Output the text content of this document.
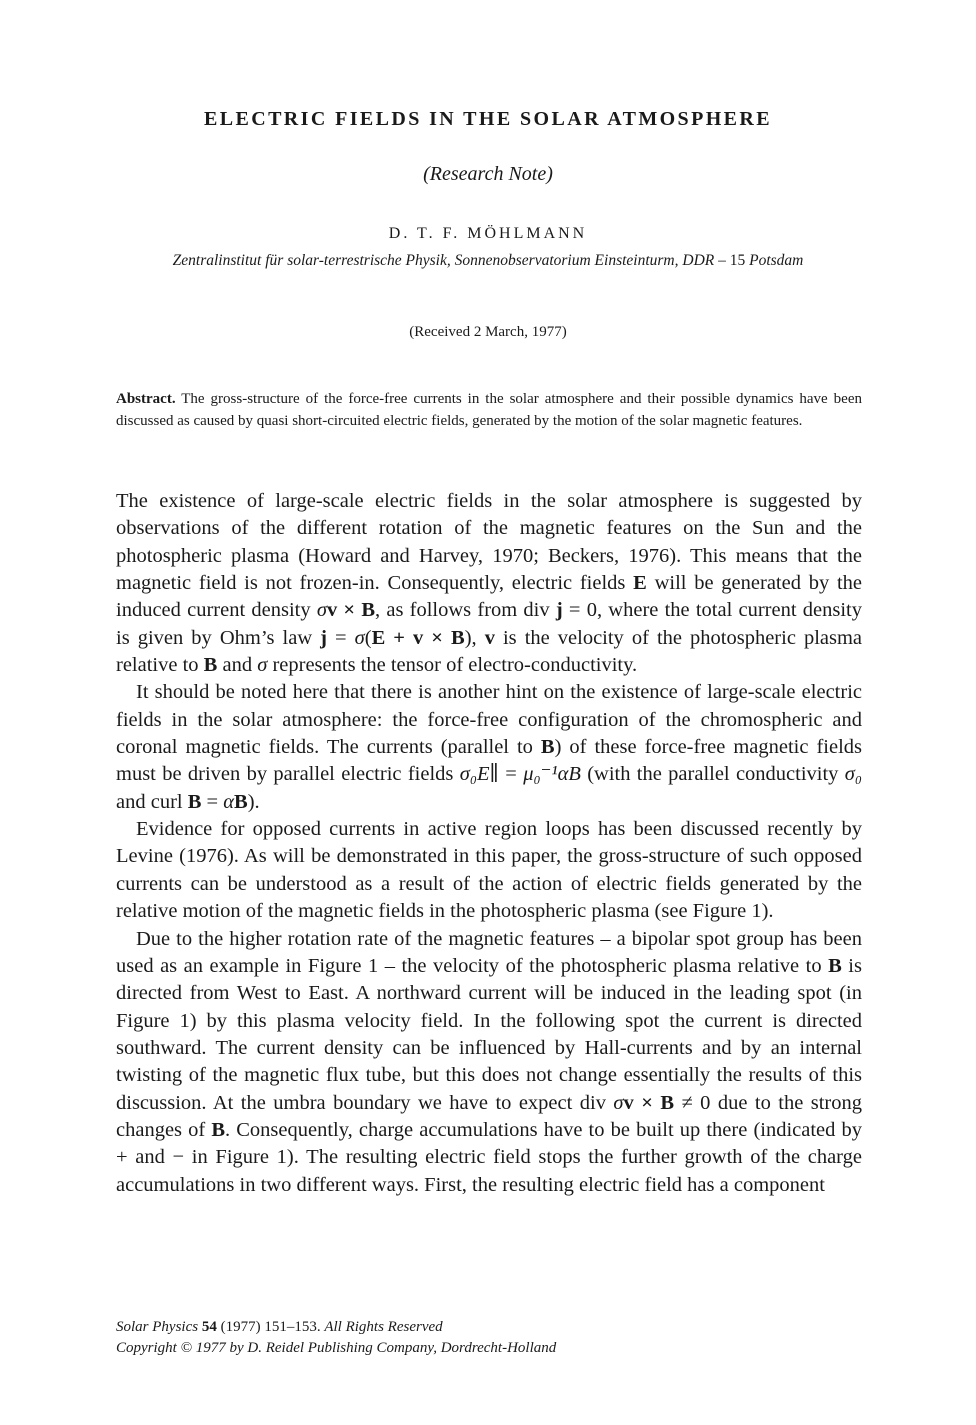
ELECTRIC FIELDS IN THE SOLAR ATMOSPHERE
(Research Note)
D. T. F. MÖHLMANN
Zentralinstitut für solar-terrestrische Physik, Sonnenobservatorium Einsteinturm, DDR – 15 Potsdam
(Received 2 March, 1977)
Abstract. The gross-structure of the force-free currents in the solar atmosphere and their possible dynamics have been discussed as caused by quasi short-circuited electric fields, generated by the motion of the solar magnetic features.

The existence of large-scale electric fields in the solar atmosphere is suggested by observations of the different rotation of the magnetic features on the Sun and the photospheric plasma (Howard and Harvey, 1970; Beckers, 1976). This means that the magnetic field is not frozen-in. Consequently, electric fields E will be generated by the induced current density σv × B, as follows from div j = 0, where the total current density is given by Ohm’s law j = σ(E + v × B), v is the velocity of the photospheric plasma relative to B and σ represents the tensor of electro-conductivity.

It should be noted here that there is another hint on the existence of large-scale electric fields in the solar atmosphere: the force-free configuration of the chromospheric and coronal magnetic fields. The currents (parallel to B) of these force-free magnetic fields must be driven by parallel electric fields σ₀E∥ = μ₀⁻¹αB (with the parallel conductivity σ₀ and curl B = αB).

Evidence for opposed currents in active region loops has been discussed recently by Levine (1976). As will be demonstrated in this paper, the gross-structure of such opposed currents can be understood as a result of the action of electric fields generated by the relative motion of the magnetic fields in the photospheric plasma (see Figure 1).

Due to the higher rotation rate of the magnetic features – a bipolar spot group has been used as an example in Figure 1 – the velocity of the photospheric plasma relative to B is directed from West to East. A northward current will be induced in the leading spot (in Figure 1) by this plasma velocity field. In the following spot the current is directed southward. The current density can be influenced by Hall-currents and by an internal twisting of the magnetic flux tube, but this does not change essentially the results of this discussion. At the umbra boundary we have to expect div σv × B ≠ 0 due to the strong changes of B. Consequently, charge accumulations have to be built up there (indicated by + and − in Figure 1). The resulting electric field stops the further growth of the charge accumulations in two different ways. First, the resulting electric field has a component

Solar Physics 54 (1977) 151–153. All Rights Reserved
Copyright © 1977 by D. Reidel Publishing Company, Dordrecht-Holland
